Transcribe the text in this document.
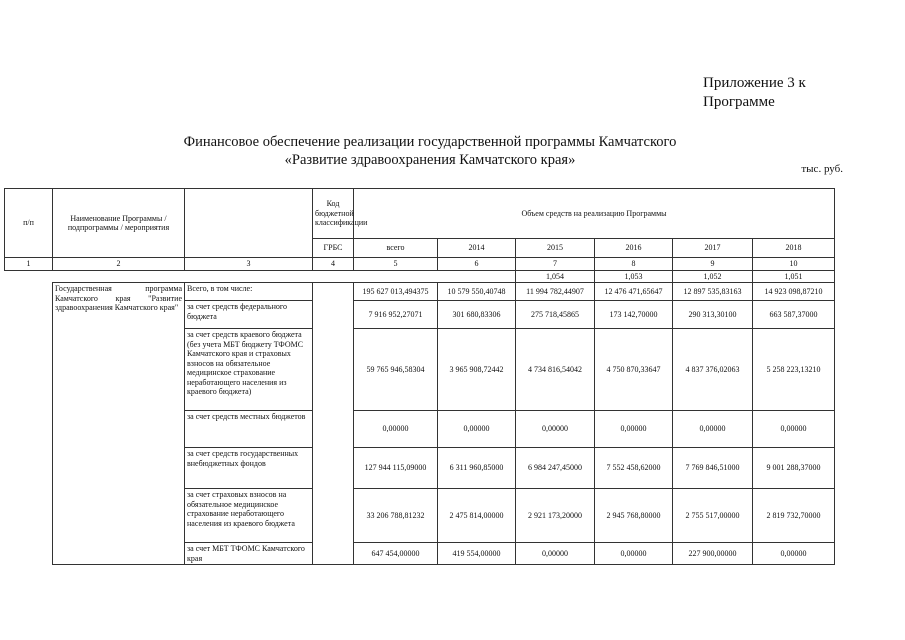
Приложение 3 к
Программе
Финансовое обеспечение реализации государственной программы Камчатского
«Развитие здравоохранения Камчатского края»
тыс. руб.
п/п	Наименование Программы / подпрограммы / мероприятия		Код бюджетной классификации	Объем средств на реализацию Программы					
			ГРБС	всего	2014	2015	2016	2017	2018
1	2	3	4	5	6	7	8	9	10
						1,054	1,053	1,052	1,051
	Государственная программа Камчатского края "Развитие здравоохранения Камчатского края"	Всего, в том числе:		195 627 013,494375	10 579 550,40748	11 994 782,44907	12 476 471,65647	12 897 535,83163	14 923 098,87210
		за счет средств федерального бюджета		7 916 952,27071	301 680,83306	275 718,45865	173 142,70000	290 313,30100	663 587,37000
		за счет средств краевого бюджета (без учета МБТ бюджету ТФОМС Камчатского края и страховых взносов на обязательное медицинское страхование неработающего населения из краевого бюджета)		59 765 946,58304	3 965 908,72442	4 734 816,54042	4 750 870,33647	4 837 376,02063	5 258 223,13210
		за счет средств местных бюджетов		0,00000	0,00000	0,00000	0,00000	0,00000	0,00000
		за счет средств государственных внебюджетных фондов		127 944 115,09000	6 311 960,85000	6 984 247,45000	7 552 458,62000	7 769 846,51000	9 001 288,37000
		за счет страховых взносов на обязательное медицинское страхование неработающего населения из краевого бюджета		33 206 788,81232	2 475 814,00000	2 921 173,20000	2 945 768,80000	2 755 517,00000	2 819 732,70000
		за счет МБТ ТФОМС Камчатского края		647 454,00000	419 554,00000	0,00000	0,00000	227 900,00000	0,00000
